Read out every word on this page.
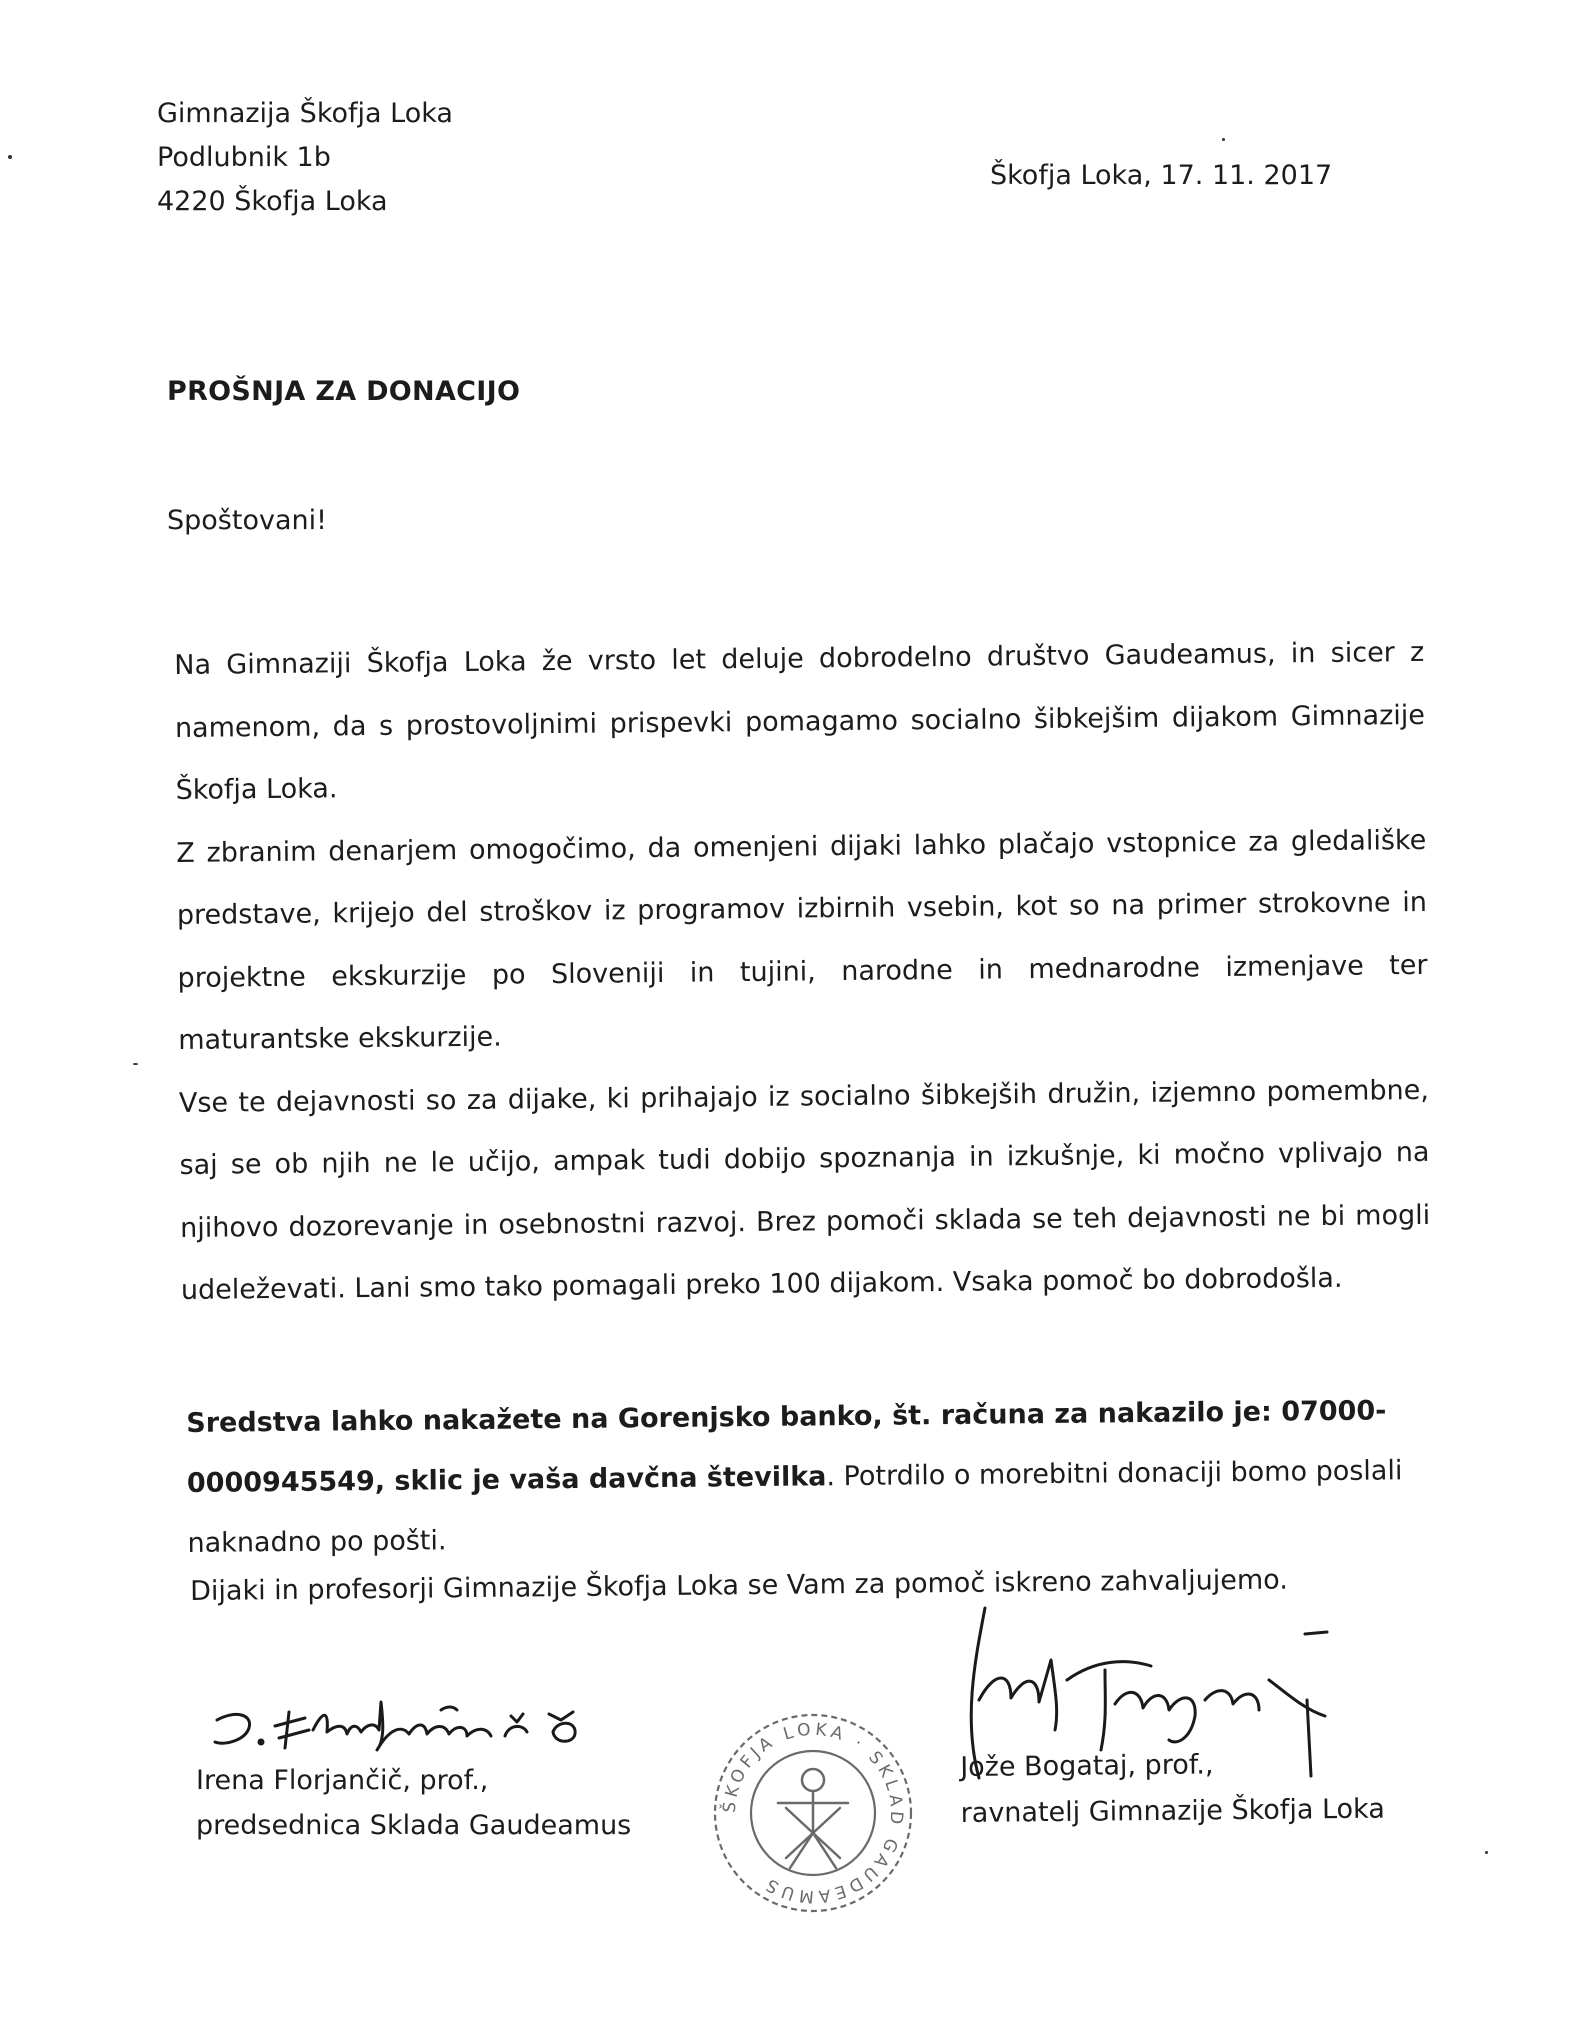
Gimnazija Škofja Loka
Podlubnik 1b
4220 Škofja Loka
Škofja Loka, 17. 11. 2017
PROŠNJA ZA DONACIJO
Spoštovani!

Na Gimnaziji Škofja Loka že vrsto let deluje dobrodelno društvo Gaudeamus, in sicer z namenom, da s prostovoljnimi prispevki pomagamo socialno šibkejšim dijakom Gimnazije Škofja Loka.

Z zbranim denarjem omogočimo, da omenjeni dijaki lahko plačajo vstopnice za gledališke predstave, krijejo del stroškov iz programov izbirnih vsebin, kot so na primer strokovne in projektne ekskurzije po Sloveniji in tujini, narodne in mednarodne izmenjave ter maturantske ekskurzije.

Vse te dejavnosti so za dijake, ki prihajajo iz socialno šibkejših družin, izjemno pomembne, saj se ob njih ne le učijo, ampak tudi dobijo spoznanja in izkušnje, ki močno vplivajo na njihovo dozorevanje in osebnostni razvoj. Brez pomoči sklada se teh dejavnosti ne bi mogli udeleževati. Lani smo tako pomagali preko 100 dijakom. Vsaka pomoč bo dobrodošla.

Sredstva lahko nakažete na Gorenjsko banko, št. računa za nakazilo je: 07000-0000945549, sklic je vaša davčna številka. Potrdilo o morebitni donaciji bomo poslali naknadno po pošti.
Dijaki in profesorji Gimnazije Škofja Loka se Vam za pomoč iskreno zahvaljujemo.
Irena Florjančič, prof.,
predsednica Sklada Gaudeamus
ŠKOFJA LOKA · SKLAD GAUDEAMUS
Jože Bogataj, prof.,
ravnatelj Gimnazije Škofja Loka
